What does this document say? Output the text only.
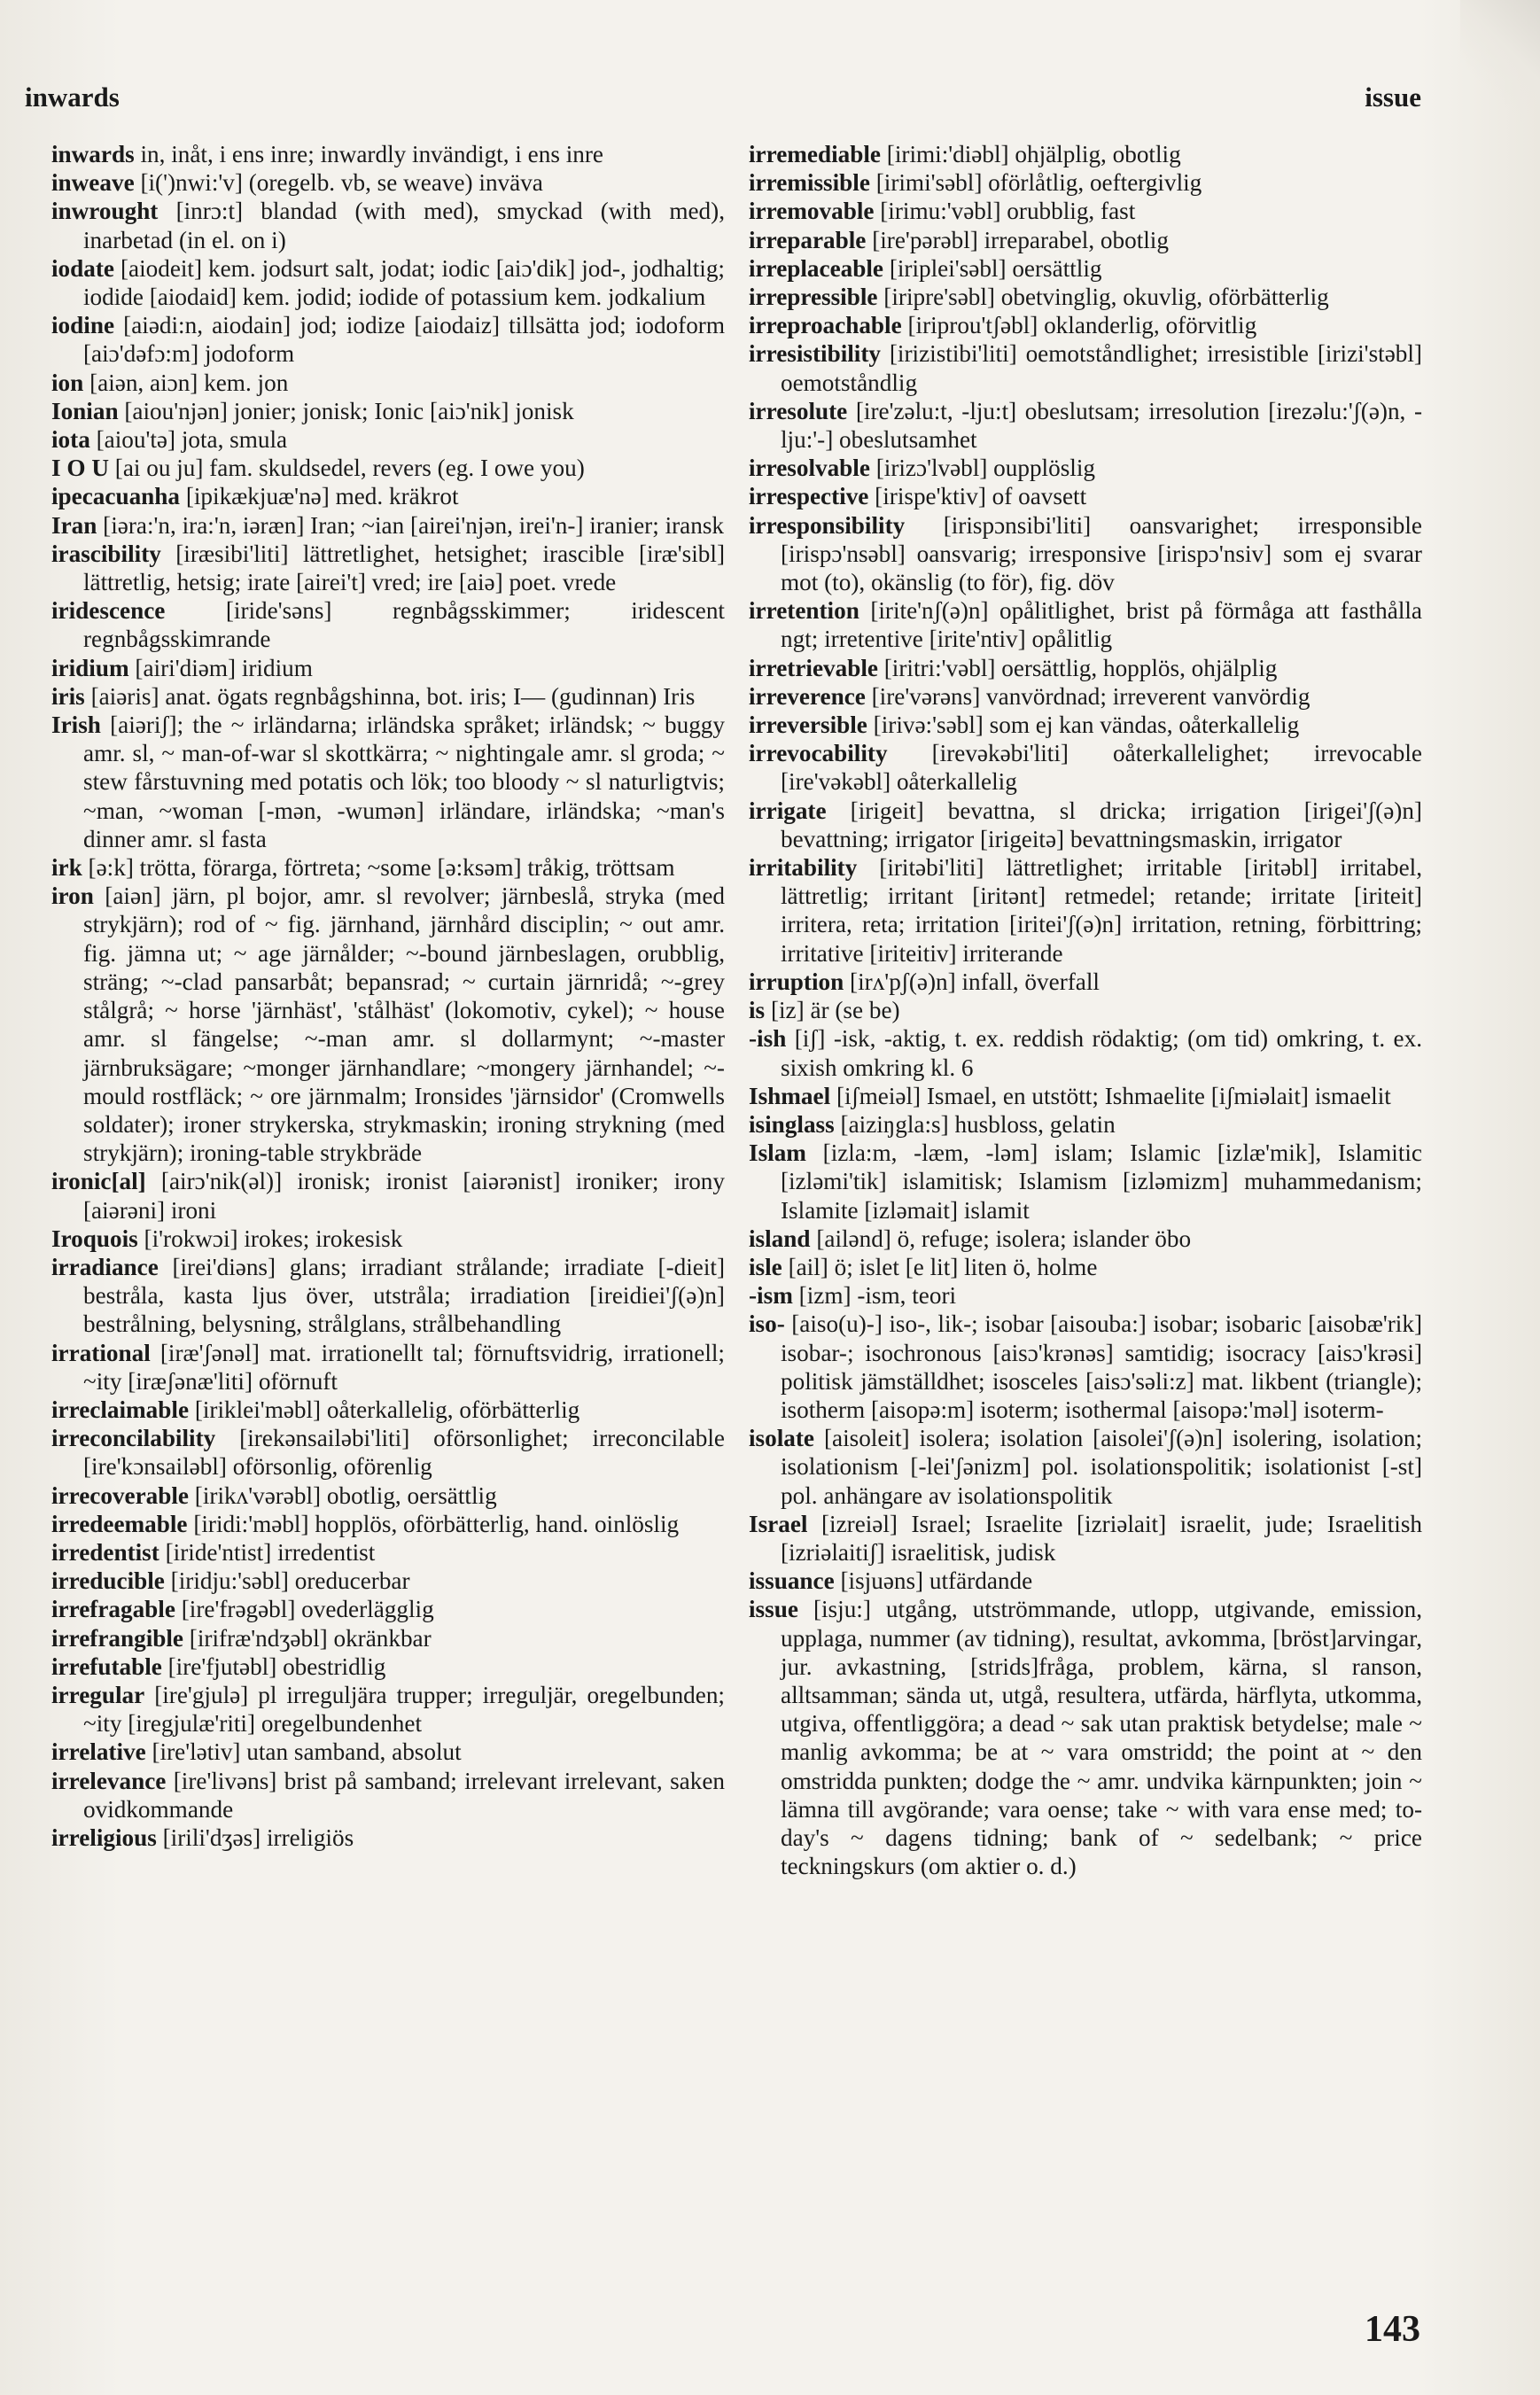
inwards	issue

inwards in, inåt, i ens inre; inwardly invändigt, i ens inre

inweave [i(')nwi:'v] (oregelb. vb, se weave) inväva

inwrought [inrɔ:t] blandad (with med), smyckad (with med), inarbetad (in el. on i)

iodate [aiodeit] kem. jodsurt salt, jodat; iodic [aiɔ'dik] jod-, jodhaltig; iodide [aiodaid] kem. jodid; iodide of potassium kem. jodkalium

iodine [aiədi:n, aiodain] jod; iodize [aiodaiz] tillsätta jod; iodoform [aiɔ'dəfɔ:m] jodoform

ion [aiən, aiɔn] kem. jon

Ionian [aiou'njən] jonier; jonisk; Ionic [aiɔ'nik] jonisk

iota [aiou'tə] jota, smula

I O U [ai ou ju] fam. skuldsedel, revers (eg. I owe you)

ipecacuanha [ipikækjuæ'nə] med. kräkrot

Iran [iəra:'n, ira:'n, iəræn] Iran; ~ian [airei'njən, irei'n-] iranier; iransk

irascibility [iræsibi'liti] lättretlighet, hetsighet; irascible [iræ'sibl] lättretlig, hetsig; irate [airei't] vred; ire [aiə] poet. vrede

iridescence [iride'səns] regnbågsskimmer; iridescent regnbågsskimrande

iridium [airi'diəm] iridium

iris [aiəris] anat. ögats regnbågshinna, bot. iris; I— (gudinnan) Iris

Irish [aiəriʃ]; the ~ irländarna; irländska språket; irländsk; ~ buggy amr. sl, ~ man-of-war sl skottkärra; ~ nightingale amr. sl groda; ~ stew fårstuvning med potatis och lök; too bloody ~ sl naturligtvis; ~man, ~woman [-mən, -wumən] irländare, irländska; ~man's dinner amr. sl fasta

irk [ə:k] trötta, förarga, förtreta; ~some [ə:ksəm] tråkig, tröttsam

iron [aiən] järn, pl bojor, amr. sl revolver; järnbeslå, stryka (med strykjärn); rod of ~ fig. järnhand, järnhård disciplin; ~ out amr. fig. jämna ut; ~ age järnålder; ~-bound järnbeslagen, orubblig, sträng; ~-clad pansarbåt; bepansrad; ~ curtain järnridå; ~-grey stålgrå; ~ horse 'järnhäst', 'stålhäst' (lokomotiv, cykel); ~ house amr. sl fängelse; ~-man amr. sl dollarmynt; ~-master järnbruksägare; ~monger järnhandlare; ~mongery järnhandel; ~-mould rostfläck; ~ ore järnmalm; Ironsides 'järnsidor' (Cromwells soldater); ironer strykerska, strykmaskin; ironing strykning (med strykjärn); ironing-table strykbräde

ironic[al] [airɔ'nik(əl)] ironisk; ironist [aiərənist] ironiker; irony [aiərəni] ironi

Iroquois [i'rokwɔi] irokes; irokesisk

irradiance [irei'diəns] glans; irradiant strålande; irradiate [-dieit] bestråla, kasta ljus över, utstråla; irradiation [ireidiei'ʃ(ə)n] bestrålning, belysning, strålglans, strålbehandling

irrational [iræ'ʃənəl] mat. irrationellt tal; förnuftsvidrig, irrationell; ~ity [iræʃənæ'liti] oförnuft

irreclaimable [iriklei'məbl] oåterkallelig, oförbätterlig

irreconcilability [irekənsailəbi'liti] oförsonlighet; irreconcilable [ire'kɔnsailəbl] oförsonlig, oförenlig

irrecoverable [irikʌ'vərəbl] obotlig, oersättlig

irredeemable [iridi:'məbl] hopplös, oförbätterlig, hand. oinlöslig

irredentist [iride'ntist] irredentist

irreducible [iridju:'səbl] oreducerbar

irrefragable [ire'frəgəbl] ovederlägglig

irrefrangible [irifræ'ndʒəbl] okränkbar

irrefutable [ire'fjutəbl] obestridlig

irregular [ire'gjulə] pl irreguljära trupper; irreguljär, oregelbunden; ~ity [iregjulæ'riti] oregelbundenhet

irrelative [ire'lətiv] utan samband, absolut

irrelevance [ire'livəns] brist på samband; irrelevant irrelevant, saken ovidkommande

irreligious [irili'dʒəs] irreligiös

irremediable [irimi:'diəbl] ohjälplig, obotlig

irremissible [irimi'səbl] oförlåtlig, oeftergivlig

irremovable [irimu:'vəbl] orubblig, fast

irreparable [ire'pərəbl] irreparabel, obotlig

irreplaceable [iriplei'səbl] oersättlig

irrepressible [iripre'səbl] obetvinglig, okuvlig, oförbätterlig

irreproachable [iriprou'tʃəbl] oklanderlig, oförvitlig

irresistibility [irizistibi'liti] oemotståndlighet; irresistible [irizi'stəbl] oemotståndlig

irresolute [ire'zəlu:t, -lju:t] obeslutsam; irresolution [irezəlu:'ʃ(ə)n, -lju:'-] obeslutsamhet

irresolvable [irizɔ'lvəbl] oupplöslig

irrespective [irispe'ktiv] of oavsett

irresponsibility [irispɔnsibi'liti] oansvarighet; irresponsible [irispɔ'nsəbl] oansvarig; irresponsive [irispɔ'nsiv] som ej svarar mot (to), okänslig (to för), fig. döv

irretention [irite'nʃ(ə)n] opålitlighet, brist på förmåga att fasthålla ngt; irretentive [irite'ntiv] opålitlig

irretrievable [iritri:'vəbl] oersättlig, hopplös, ohjälplig

irreverence [ire'vərəns] vanvördnad; irreverent vanvördig

irreversible [irivə:'səbl] som ej kan vändas, oåterkallelig

irrevocability [irevəkəbi'liti] oåterkallelighet; irrevocable [ire'vəkəbl] oåterkallelig

irrigate [irigeit] bevattna, sl dricka; irrigation [irigei'ʃ(ə)n] bevattning; irrigator [irigeitə] bevattningsmaskin, irrigator

irritability [iritəbi'liti] lättretlighet; irritable [iritəbl] irritabel, lättretlig; irritant [iritənt] retmedel; retande; irritate [iriteit] irritera, reta; irritation [iritei'ʃ(ə)n] irritation, retning, förbittring; irritative [iriteitiv] irriterande

irruption [irʌ'pʃ(ə)n] infall, överfall

is [iz] är (se be)

-ish [iʃ] -isk, -aktig, t. ex. reddish rödaktig; (om tid) omkring, t. ex. sixish omkring kl. 6

Ishmael [iʃmeiəl] Ismael, en utstött; Ishmaelite [iʃmiəlait] ismaelit

isinglass [aiziŋgla:s] husbloss, gelatin

Islam [izla:m, -læm, -ləm] islam; Islamic [izlæ'mik], Islamitic [izləmi'tik] islamitisk; Islamism [izləmizm] muhammedanism; Islamite [izləmait] islamit

island [ailənd] ö, refuge; isolera; islander öbo

isle [ail] ö; islet [e lit] liten ö, holme

-ism [izm] -ism, teori

iso- [aiso(u)-] iso-, lik-; isobar [aisouba:] isobar; isobaric [aisobæ'rik] isobar-; isochronous [aisɔ'krənəs] samtidig; isocracy [aisɔ'krəsi] politisk jämställdhet; isosceles [aisɔ'səli:z] mat. likbent (triangle); isotherm [aisopə:m] isoterm; isothermal [aisopə:'məl] isoterm-

isolate [aisoleit] isolera; isolation [aisolei'ʃ(ə)n] isolering, isolation; isolationism [-lei'ʃənizm] pol. isolationspolitik; isolationist [-st] pol. anhängare av isolationspolitik

Israel [izreiəl] Israel; Israelite [izriəlait] israelit, jude; Israelitish [izriəlaitiʃ] israelitisk, judisk

issuance [isjuəns] utfärdande

issue [isju:] utgång, utströmmande, utlopp, utgivande, emission, upplaga, nummer (av tidning), resultat, avkomma, [bröst]arvingar, jur. avkastning, [strids]fråga, problem, kärna, sl ranson, alltsamman; sända ut, utgå, resultera, utfärda, härflyta, utkomma, utgiva, offentliggöra; a dead ~ sak utan praktisk betydelse; male ~ manlig avkomma; be at ~ vara omstridd; the point at ~ den omstridda punkten; dodge the ~ amr. undvika kärnpunkten; join ~ lämna till avgörande; vara oense; take ~ with vara ense med; to-day's ~ dagens tidning; bank of ~ sedelbank; ~ price teckningskurs (om aktier o. d.)

143
